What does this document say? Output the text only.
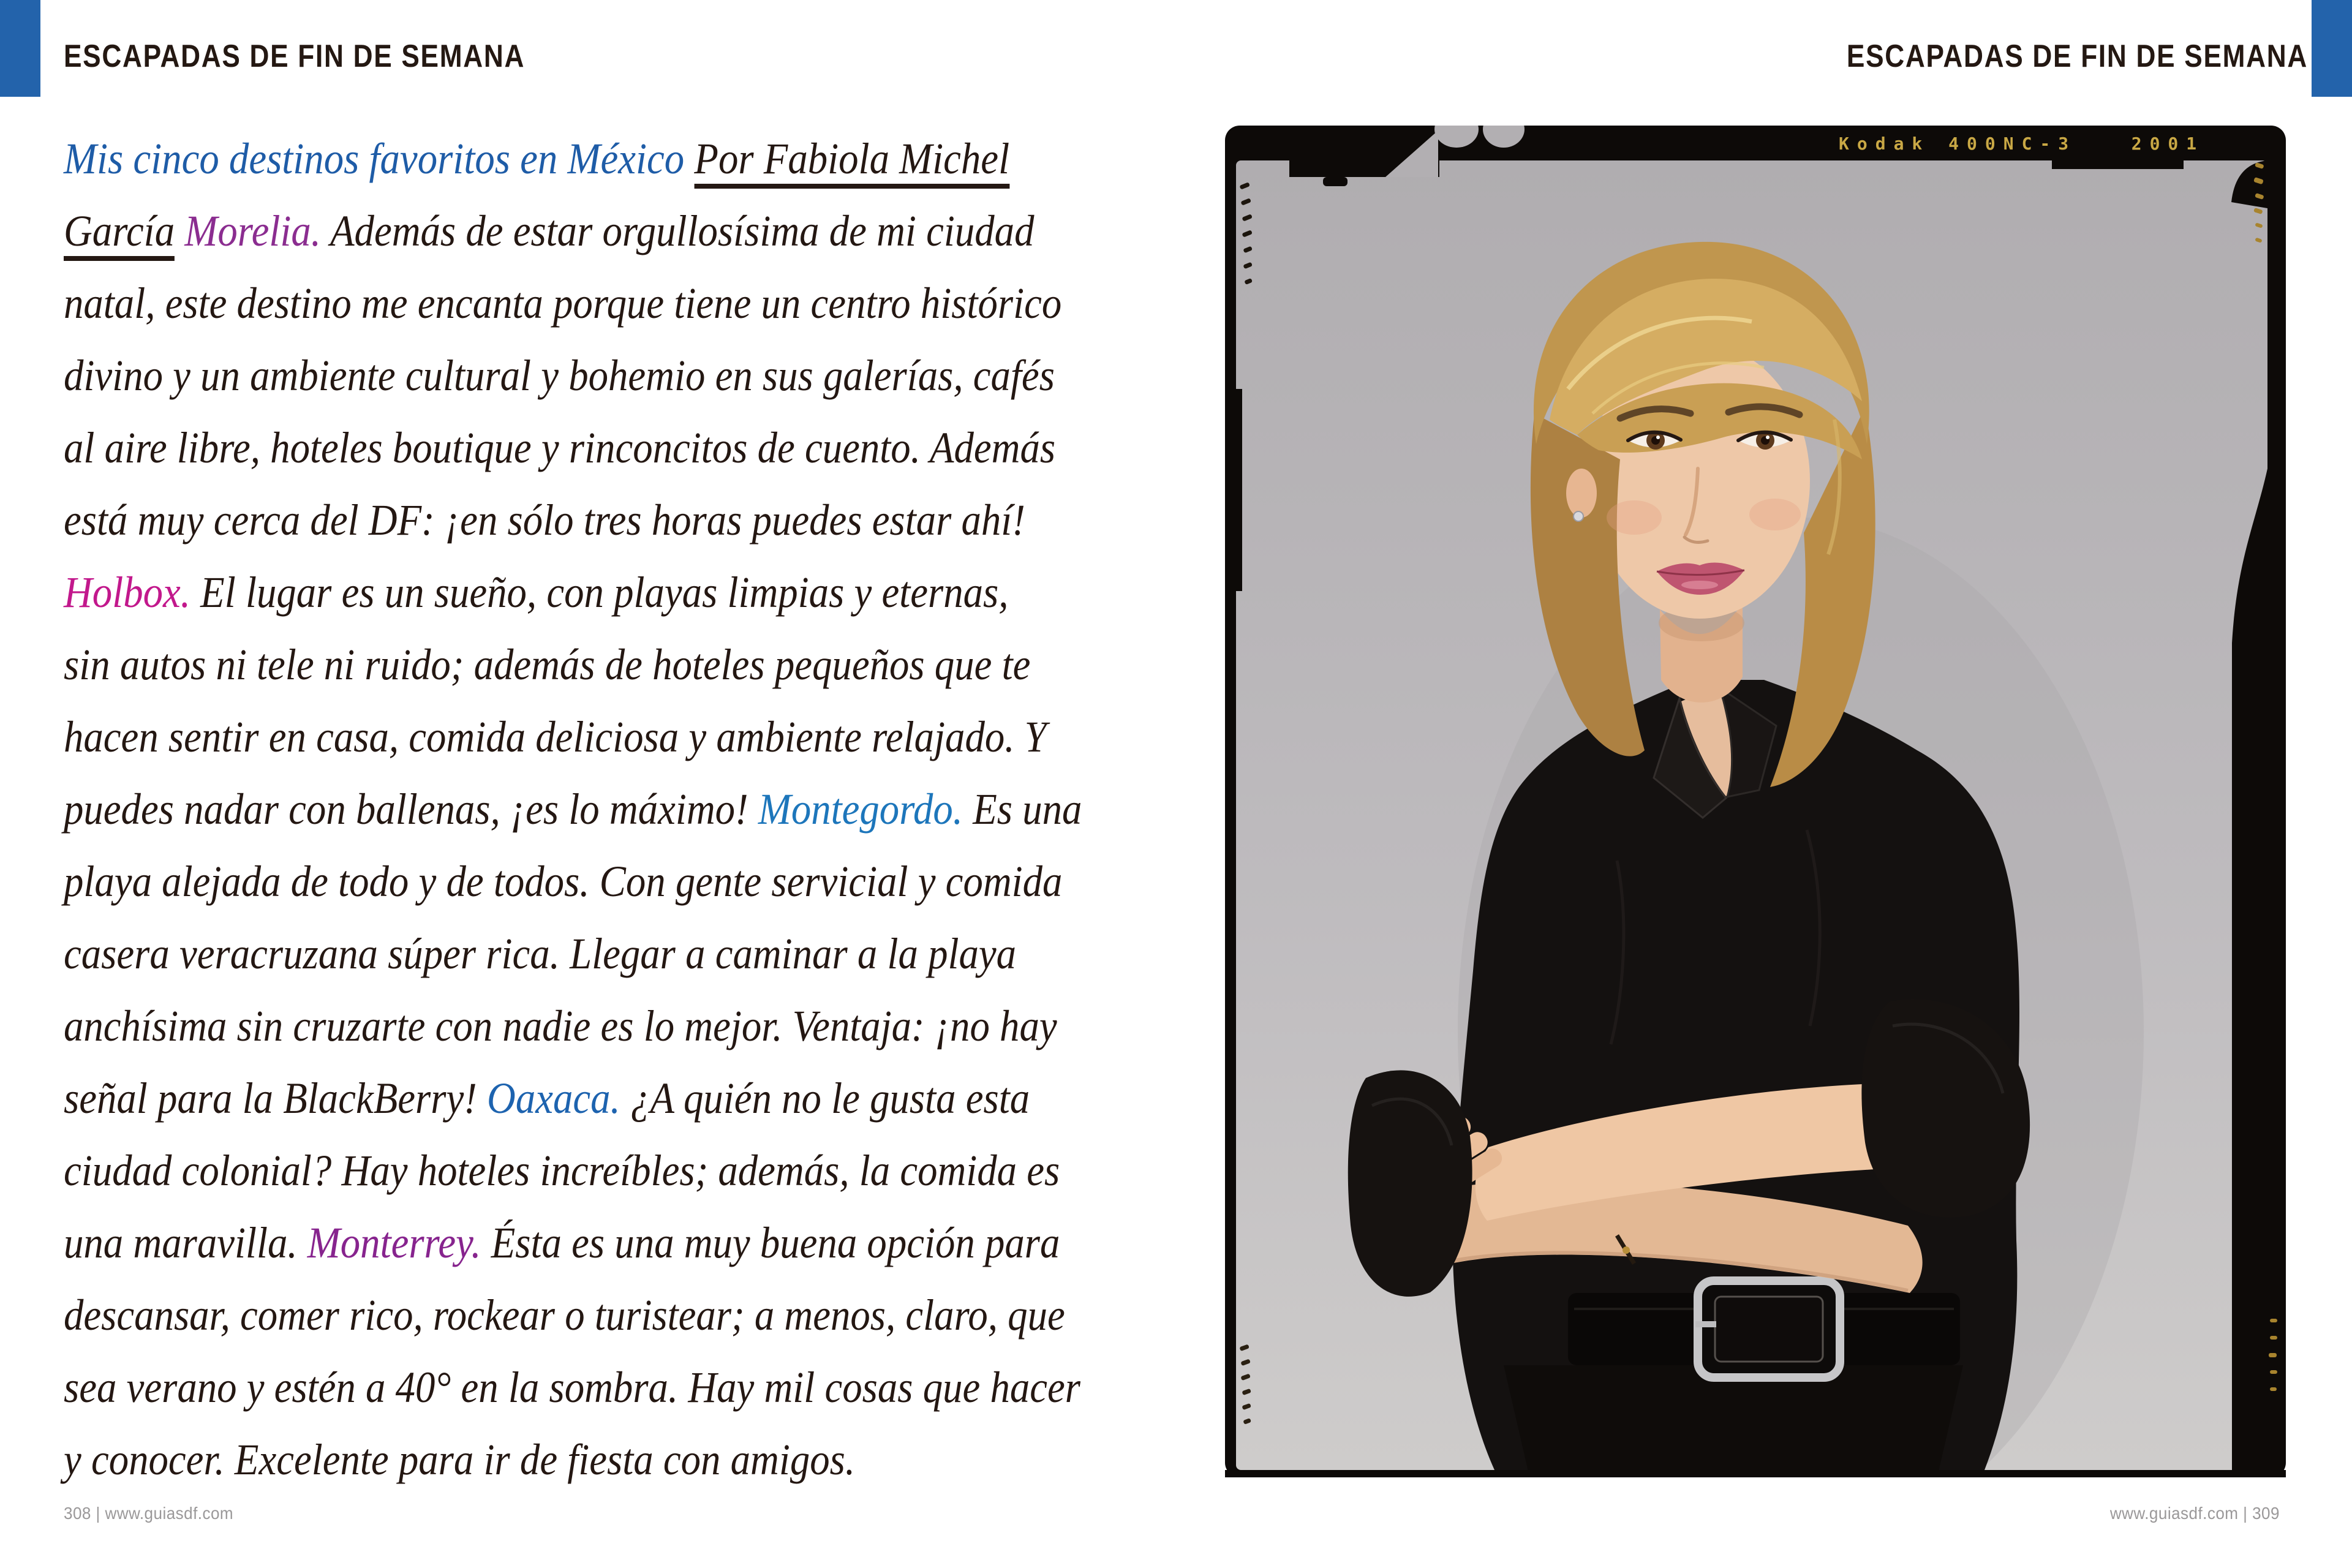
ESCAPADAS DE FIN DE SEMANA	ESCAPADAS DE FIN DE SEMANA
Mis cinco destinos favoritos en México Por Fabiola Michel
García Morelia. Además de estar orgullosísima de mi ciudad
natal, este destino me encanta porque tiene un centro histórico
divino y un ambiente cultural y bohemio en sus galerías, cafés
al aire libre, hoteles boutique y rinconcitos de cuento. Además
está muy cerca del DF: ¡en sólo tres horas puedes estar ahí!
Holbox. El lugar es un sueño, con playas limpias y eternas,
sin autos ni tele ni ruido; además de hoteles pequeños que te
hacen sentir en casa, comida deliciosa y ambiente relajado. Y
puedes nadar con ballenas, ¡es lo máximo! Montegordo. Es una
playa alejada de todo y de todos. Con gente servicial y comida
casera veracruzana súper rica. Llegar a caminar a la playa
anchísima sin cruzarte con nadie es lo mejor. Ventaja: ¡no hay
señal para la BlackBerry! Oaxaca. ¿A quién no le gusta esta
ciudad colonial? Hay hoteles increíbles; además, la comida es
una maravilla. Monterrey. Ésta es una muy buena opción para
descansar, comer rico, rockear o turistear; a menos, claro, que
sea verano y estén a 40° en la sombra. Hay mil cosas que hacer
y conocer. Excelente para ir de fiesta con amigos.
308 | www.guiasdf.com	www.guiasdf.com | 309
Kodak 400NC-3   2001
